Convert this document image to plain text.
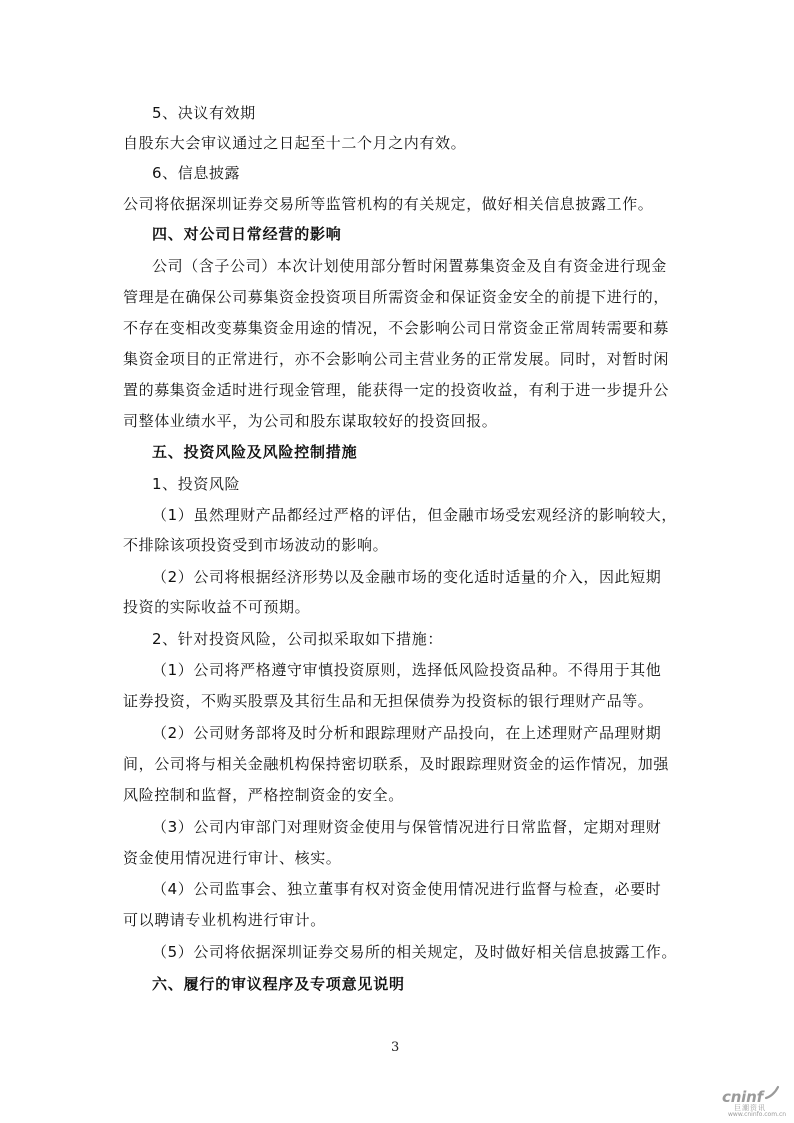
5、决议有效期
自股东大会审议通过之日起至十二个月之内有效。
6、信息披露
公司将依据深圳证券交易所等监管机构的有关规定，做好相关信息披露工作。
四、对公司日常经营的影响
公司（含子公司）本次计划使用部分暂时闲置募集资金及自有资金进行现金
管理是在确保公司募集资金投资项目所需资金和保证资金安全的前提下进行的，
不存在变相改变募集资金用途的情况，不会影响公司日常资金正常周转需要和募
集资金项目的正常进行，亦不会影响公司主营业务的正常发展。同时，对暂时闲
置的募集资金适时进行现金管理，能获得一定的投资收益，有利于进一步提升公
司整体业绩水平，为公司和股东谋取较好的投资回报。
五、投资风险及风险控制措施
1、投资风险
（1）虽然理财产品都经过严格的评估，但金融市场受宏观经济的影响较大，
不排除该项投资受到市场波动的影响。
（2）公司将根据经济形势以及金融市场的变化适时适量的介入，因此短期
投资的实际收益不可预期。
2、针对投资风险，公司拟采取如下措施：
（1）公司将严格遵守审慎投资原则，选择低风险投资品种。不得用于其他
证券投资，不购买股票及其衍生品和无担保债券为投资标的银行理财产品等。
（2）公司财务部将及时分析和跟踪理财产品投向，在上述理财产品理财期
间，公司将与相关金融机构保持密切联系，及时跟踪理财资金的运作情况，加强
风险控制和监督，严格控制资金的安全。
（3）公司内审部门对理财资金使用与保管情况进行日常监督，定期对理财
资金使用情况进行审计、核实。
（4）公司监事会、独立董事有权对资金使用情况进行监督与检查，必要时
可以聘请专业机构进行审计。
（5）公司将依据深圳证券交易所的相关规定，及时做好相关信息披露工作。
六、履行的审议程序及专项意见说明
3
cninf
巨潮资讯
www.cninfo.com.cn
